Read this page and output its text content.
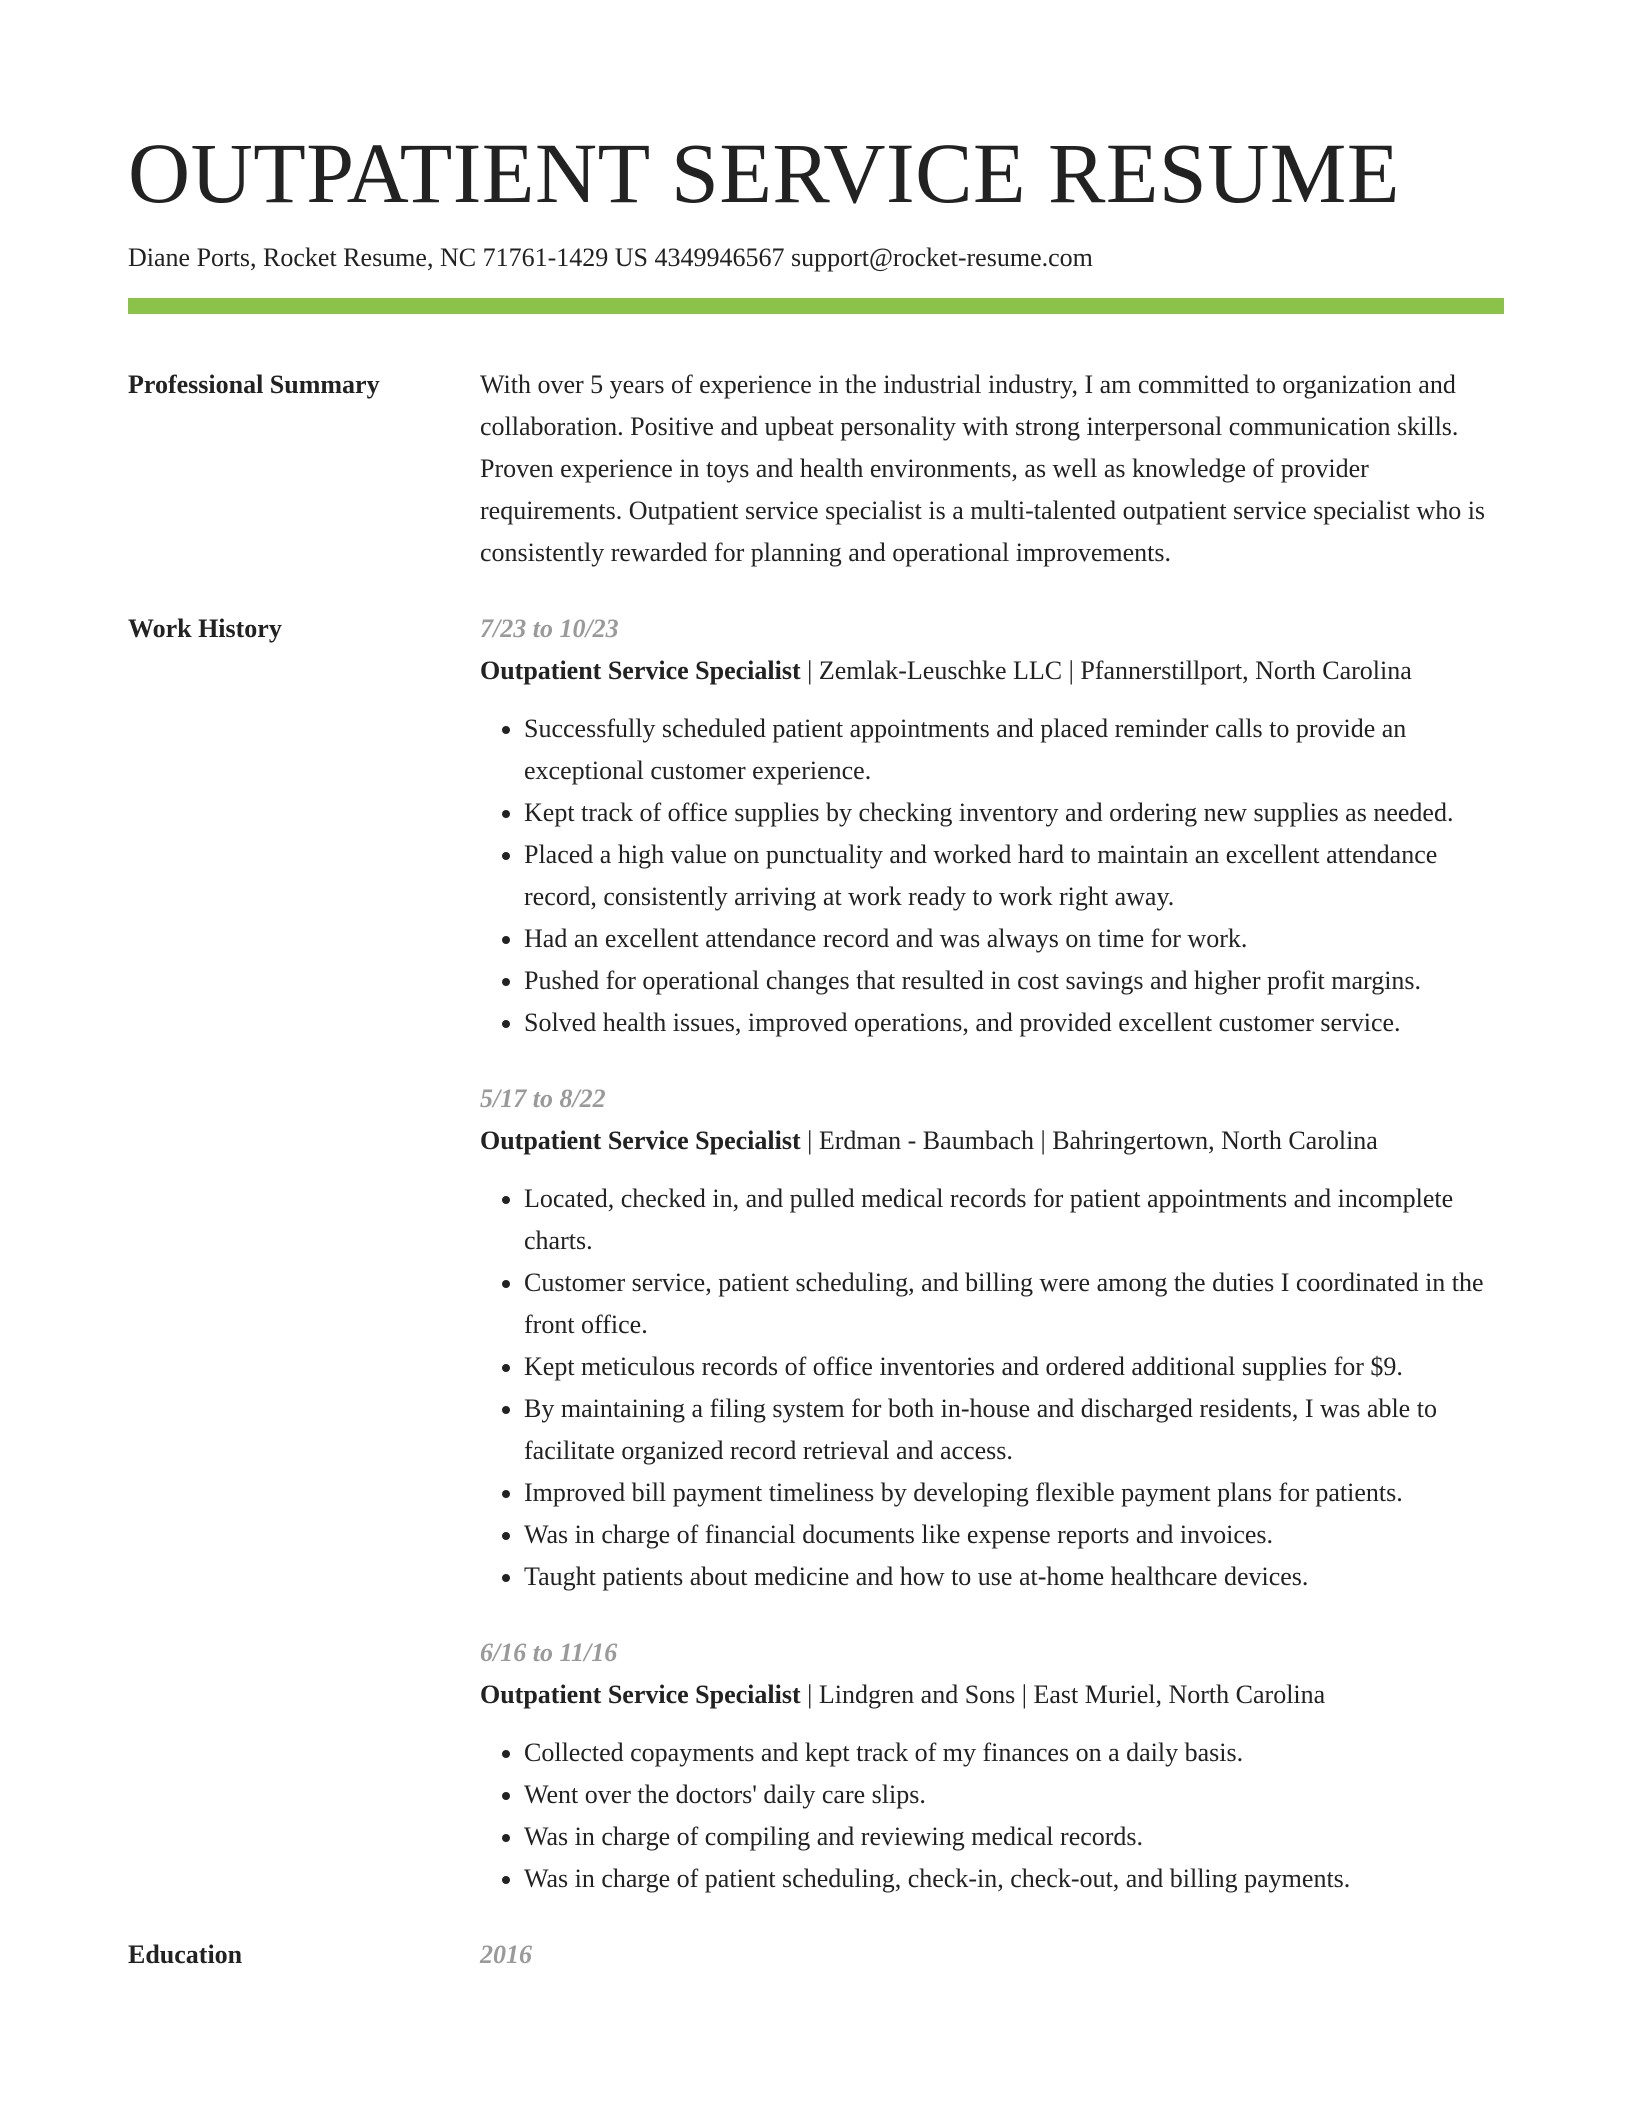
OUTPATIENT SERVICE RESUME
Diane Ports, Rocket Resume, NC 71761-1429 US 4349946567 support@rocket-resume.com
Professional Summary	With over 5 years of experience in the industrial industry, I am committed to organization and collaboration. Positive and upbeat personality with strong interpersonal communication skills. Proven experience in toys and health environments, as well as knowledge of provider requirements. Outpatient service specialist is a multi-talented outpatient service specialist who is consistently rewarded for planning and operational improvements.

Work History	7/23 to 10/23

Outpatient Service Specialist | Zemlak-Leuschke LLC | Pfannerstillport, North Carolina

• Successfully scheduled patient appointments and placed reminder calls to provide an exceptional customer experience.
• Kept track of office supplies by checking inventory and ordering new supplies as needed.
• Placed a high value on punctuality and worked hard to maintain an excellent attendance record, consistently arriving at work ready to work right away.
• Had an excellent attendance record and was always on time for work.
• Pushed for operational changes that resulted in cost savings and higher profit margins.
• Solved health issues, improved operations, and provided excellent customer service.
5/17 to 8/22

Outpatient Service Specialist | Erdman - Baumbach | Bahringertown, North Carolina

• Located, checked in, and pulled medical records for patient appointments and incomplete charts.
• Customer service, patient scheduling, and billing were among the duties I coordinated in the front office.
• Kept meticulous records of office inventories and ordered additional supplies for $9.
• By maintaining a filing system for both in-house and discharged residents, I was able to facilitate organized record retrieval and access.
• Improved bill payment timeliness by developing flexible payment plans for patients.
• Was in charge of financial documents like expense reports and invoices.
• Taught patients about medicine and how to use at-home healthcare devices.
6/16 to 11/16

Outpatient Service Specialist | Lindgren and Sons | East Muriel, North Carolina

• Collected copayments and kept track of my finances on a daily basis.
• Went over the doctors' daily care slips.
• Was in charge of compiling and reviewing medical records.
• Was in charge of patient scheduling, check-in, check-out, and billing payments.
Education	2016
